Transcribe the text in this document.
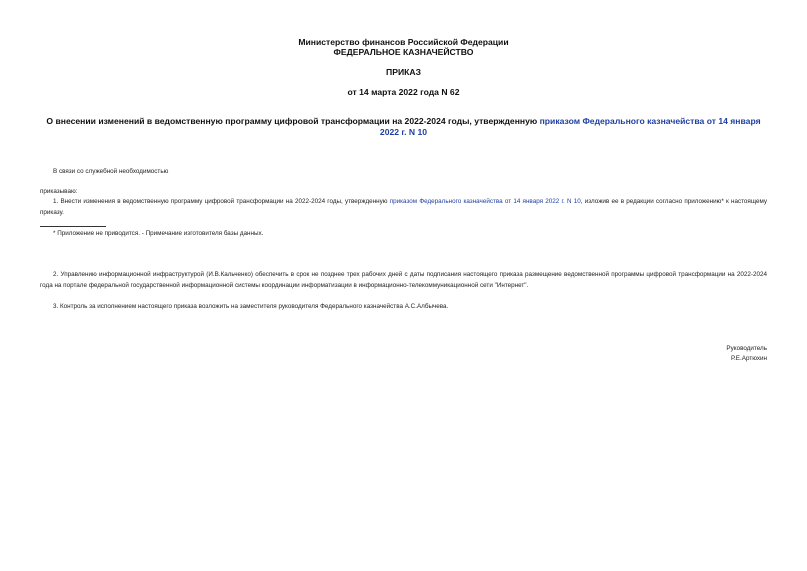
Министерство финансов Российской Федерации
ФЕДЕРАЛЬНОЕ КАЗНАЧЕЙСТВО
ПРИКАЗ
от 14 марта 2022 года N 62
О внесении изменений в ведомственную программу цифровой трансформации на 2022-2024 годы, утвержденную приказом Федерального казначейства от 14 января 2022 г. N 10
В связи со служебной необходимостью
приказываю:
1. Внести изменения в ведомственную программу цифровой трансформации на 2022-2024 годы, утвержденную приказом Федерального казначейства от 14 января 2022 г. N 10, изложив ее в редакции согласно приложению* к настоящему приказу.
* Приложение не приводится. - Примечание изготовителя базы данных.
2. Управлению информационной инфраструктурой (И.В.Кальченко) обеспечить в срок не позднее трех рабочих дней с даты подписания настоящего приказа размещение ведомственной программы цифровой трансформации на 2022-2024 года на портале федеральной государственной информационной системы координации информатизации в информационно-телекоммуникационной сети "Интернет".
3. Контроль за исполнением настоящего приказа возложить на заместителя руководителя Федерального казначейства А.С.Албычева.
Руководитель
Р.Е.Артюхин
